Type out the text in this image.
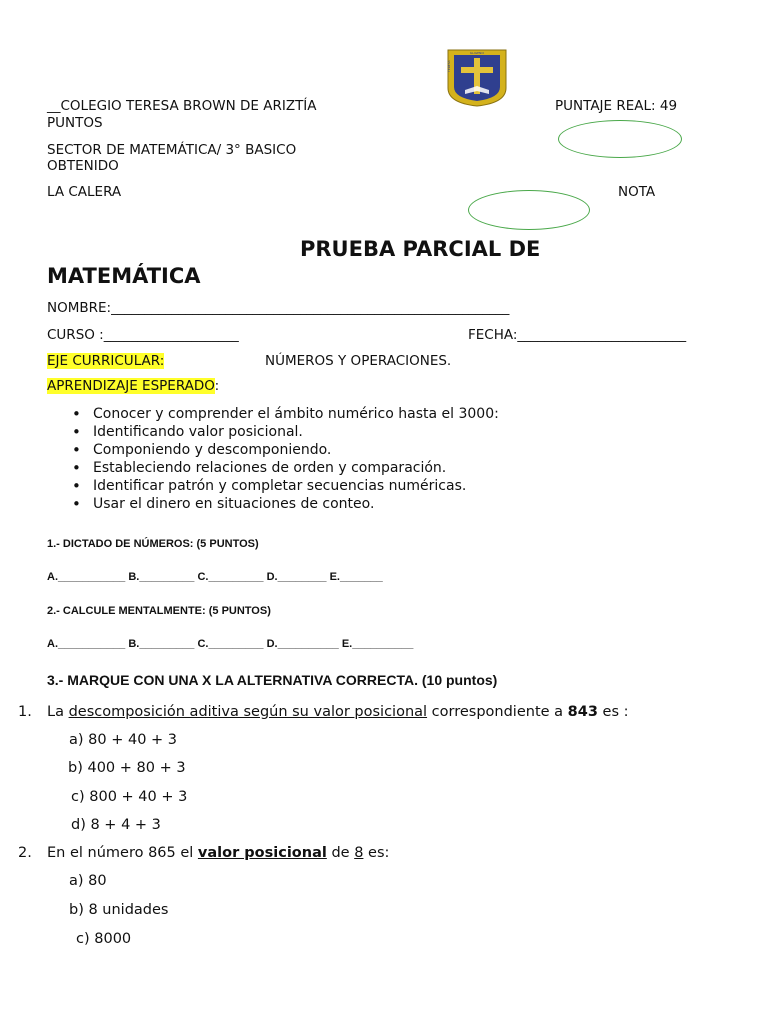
ILLIGENCI
CALERA
TERESA
__COLEGIO TERESA BROWN DE ARIZTÍA	PUNTAJE REAL: 49
PUNTOS
SECTOR DE MATEMÁTICA/ 3° BASICO
OBTENIDO
LA CALERA	NOTA
PRUEBA PARCIAL DE
MATEMÁTICA
NOMBRE:___________________________________________________________
CURSO :____________________	FECHA:_________________________
EJE CURRICULAR:	NÚMEROS Y OPERACIONES.
APRENDIZAJE ESPERADO:
• Conocer y comprender el ámbito numérico hasta el 3000:
• Identificando valor posicional.
• Componiendo y descomponiendo.
• Estableciendo relaciones de orden y comparación.
• Identificar patrón y completar secuencias numéricas.
• Usar el dinero en situaciones de conteo.
1.- DICTADO DE NÚMEROS: (5 PUNTOS)
A.___________ B._________ C._________ D.________ E._______
2.- CALCULE MENTALMENTE: (5 PUNTOS)
A.___________ B._________ C._________ D.__________ E.__________
3.- MARQUE CON UNA X LA ALTERNATIVA CORRECTA. (10 puntos)
1. La descomposición aditiva según su valor posicional correspondiente a 843 es :
a) 80 + 40 + 3
b) 400 + 80 + 3
c) 800 + 40 + 3
d) 8 + 4 + 3
2. En el número 865 el valor posicional de 8 es:
a) 80
b) 8 unidades
c) 8000
